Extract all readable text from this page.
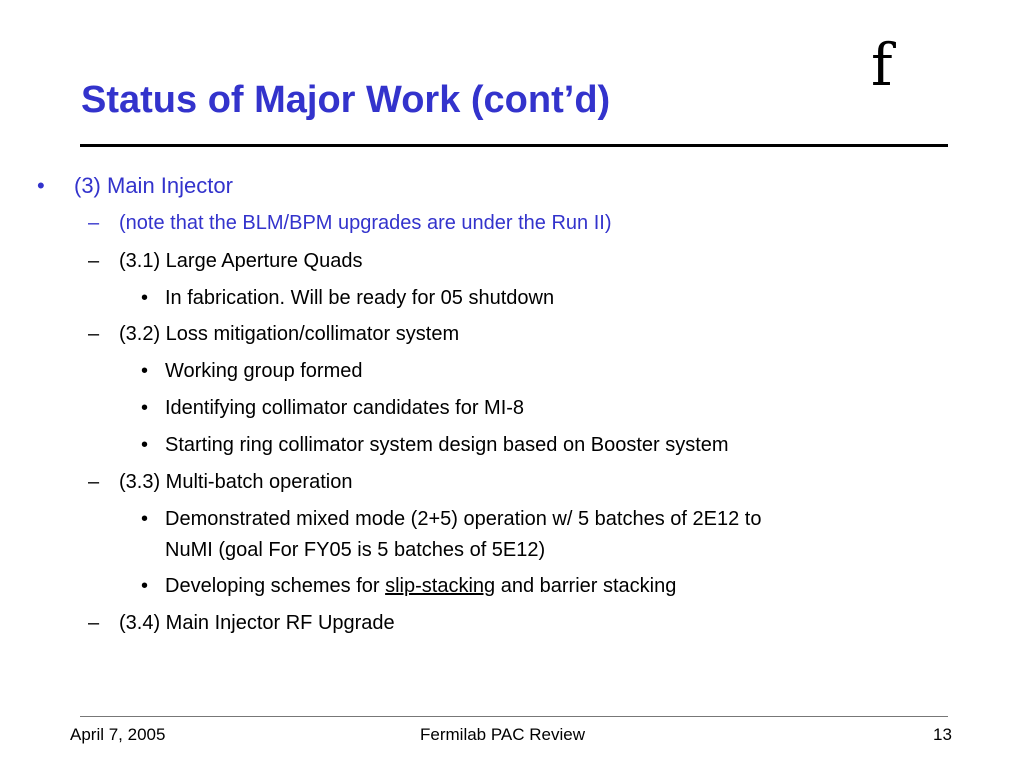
Status of Major Work (cont’d)
f
• (3) Main Injector
– (note that the BLM/BPM upgrades are under the Run II)
– (3.1) Large Aperture Quads
• In fabrication. Will be ready for 05 shutdown
– (3.2) Loss mitigation/collimator system
• Working group formed
• Identifying collimator candidates for MI-8
• Starting ring collimator system design based on Booster system
– (3.3) Multi-batch operation
• Demonstrated mixed mode (2+5) operation w/ 5 batches of 2E12 to
NuMI (goal For FY05 is 5 batches of 5E12)
• Developing schemes for slip-stacking and barrier stacking
– (3.4) Main Injector RF Upgrade
April 7, 2005	Fermilab PAC Review	13
